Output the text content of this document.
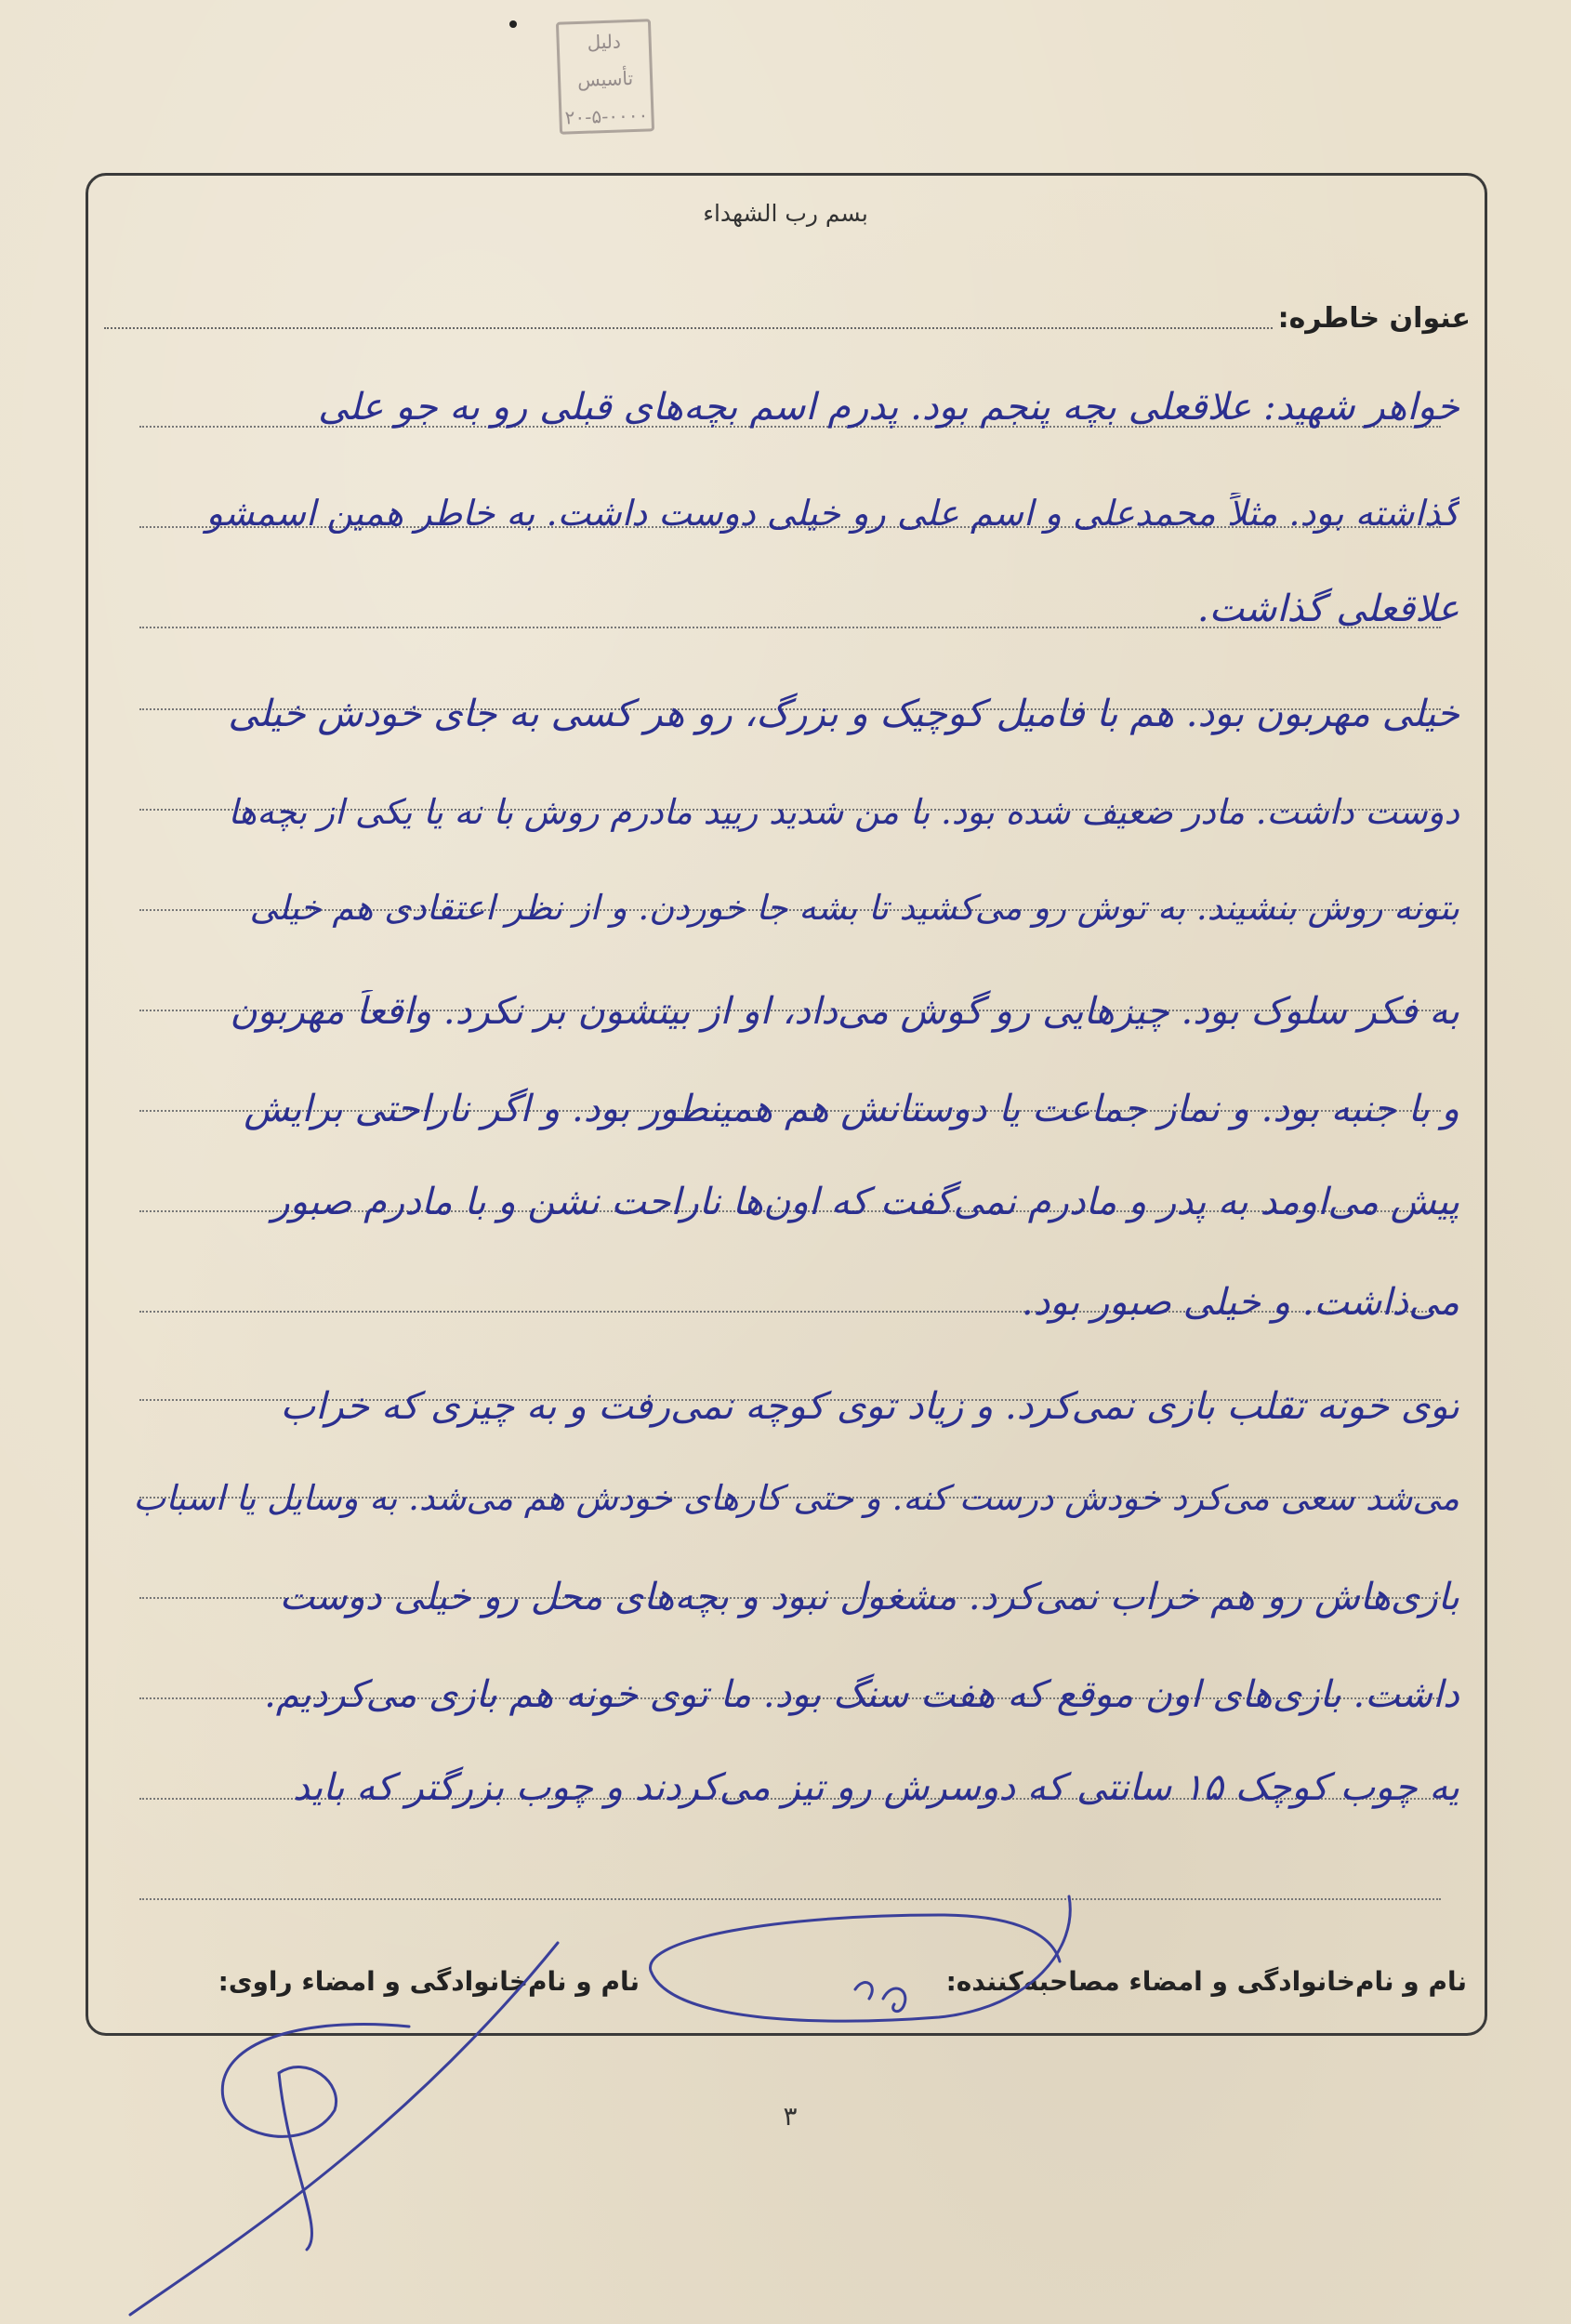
دلیل تأسیس
۲۰-۵-۰۰۰۰
بسم رب الشهداء
عنوان خاطره:
خواهر شهید: علاقعلی بچه پنجم بود. پدرم اسم بچه‌های قبلی رو به جو علی
گذاشته بود. مثلاً محمدعلی و اسم علی رو خیلی دوست داشت. به خاطر همین اسمشو
علاقعلی گذاشت.
خیلی مهربون بود. هم با فامیل کوچیک و بزرگ، رو هر کسی به جای خودش خیلی
دوست داشت. مادر ضعیف شده بود. با من شدید ریید مادرم روش با نه یا یکی از بچه‌ها
بتونه روش بنشیند. به توش رو می‌کشید تا بشه جا خوردن. و از نظر اعتقادی هم خیلی
به فکر سلوک بود. چیزهایی رو گوش می‌داد، او از بیتشون بر نکرد. واقعاً مهربون
و با جنبه بود. و نماز جماعت یا دوستانش هم همینطور بود. و اگر ناراحتی برایش
پیش می‌اومد به پدر و مادرم نمی‌گفت که اون‌ها ناراحت نشن و با مادرم صبور
می‌ذاشت. و خیلی صبور بود.
توی خونه تقلب بازی نمی‌کرد. و زیاد توی کوچه نمی‌رفت و به چیزی که خراب
می‌شد سعی می‌کرد خودش درست کنه. و حتی کارهای خودش هم می‌شد. به وسایل یا اسباب
بازی‌هاش رو هم خراب نمی‌کرد. مشغول نبود و بچه‌های محل رو خیلی دوست
داشت. بازی‌های اون موقع که هفت سنگ بود. ما توی خونه هم بازی می‌کردیم.
یه چوب کوچک ۱۵ سانتی که دوسرش رو تیز می‌کردند و چوب بزرگتر که باید
نام و نام‌خانوادگی و امضاء مصاحبه‌کننده:
نام و نام‌خانوادگی و امضاء راوی:
۳
